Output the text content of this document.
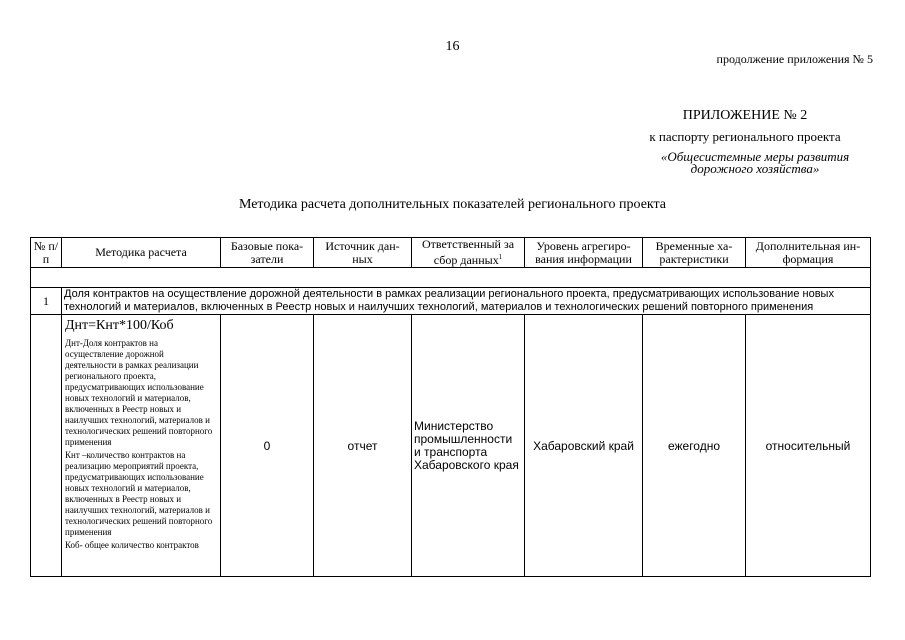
16
продолжение приложения № 5
ПРИЛОЖЕНИЕ № 2
к паспорту регионального проекта
«Общесистемные меры развития дорожного хозяйства»
Методика расчета дополнительных показателей регионального проекта
№ п/п	Методика расчета	Базовые пока-затели	Источник дан-ных	Ответственный за сбор данных$^1$	Уровень агрегиро-вания информации	Временные ха-рактеристики	Дополнительная ин-формация

1	Доля контрактов на осуществление дорожной деятельности в рамках реализации регионального проекта, предусматривающих использование новых технологий и материалов, включенных в Реестр новых и наилучших технологий, материалов и технологических решений повторного применения						

	Днт=Кнт*100/Коб
Днт-Доля контрактов на осуществление дорожной деятельности в рамках реализации регионального проекта, предусматривающих использование новых технологий и материалов, включенных в Реестр новых и наилучших технологий, материалов и технологических решений повторного применения
Кнт –количество контрактов на реализацию мероприятий проекта, предусматривающих использование новых технологий и материалов, включенных в Реестр новых и наилучших технологий, материалов и технологических решений повторного применения
Коб- общее количество контрактов	0	отчет	Министерство промышленности и транспорта Хабаровского края	Хабаровский край	ежегодно	относительный
